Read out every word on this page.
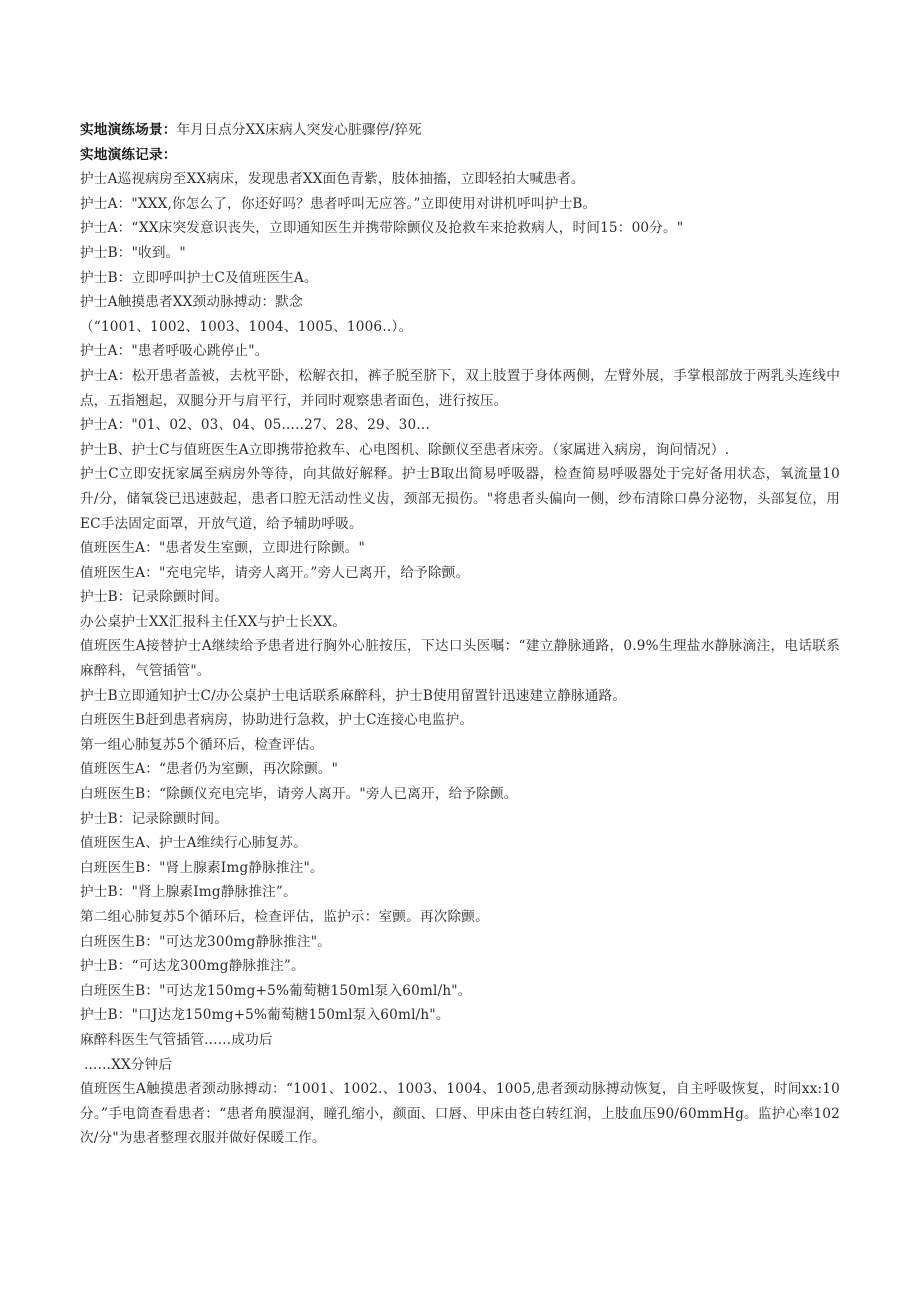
实地演练场景：年月日点分XX床病人突发心脏骤停/猝死

实地演练记录：

护士A巡视病房至XX病床，发现患者XX面色青紫，肢体抽搐，立即轻拍大喊患者。

护士A："XXX,你怎么了，你还好吗？患者呼叫无应答。”立即使用对讲机呼叫护士B。

护士A：“XX床突发意识丧失，立即通知医生并携带除颤仪及抢救车来抢救病人，时间15：00分。"

护士B："收到。"

护士B：立即呼叫护士C及值班医生A。

护士A触摸患者XX颈动脉搏动：默念

（“1001、1002、1003、1004、1005、1006‥）。

护士A："患者呼吸心跳停止"。

护士A：松开患者盖被，去枕平卧，松解衣扣，裤子脱至脐下，双上肢置于身体两侧，左臂外展，手掌根部放于两乳头连线中点，五指翘起，双腿分开与肩平行，并同时观察患者面色，进行按压。

护士A："01、02、03、04、05.....27、28、29、30‥.

护士B、护士C与值班医生A立即携带抢救车、心电图机、除颤仪至患者床旁。（家属进入病房，询问情况）.

护士C立即安抚家属至病房外等待，向其做好解释。护士B取出简易呼吸器，检查简易呼吸器处于完好备用状态，氧流量10升/分，储氧袋已迅速鼓起，患者口腔无活动性义齿，颈部无损伤。"将患者头偏向一侧，纱布清除口鼻分泌物，头部复位，用EC手法固定面罩，开放气道，给予辅助呼吸。

值班医生A："患者发生室颤，立即进行除颤。"

值班医生A："充电完毕，请旁人离开。”旁人已离开，给予除颤。

护士B：记录除颤时间。

办公桌护士XX汇报科主任XX与护士长XX。

值班医生A接替护士A继续给予患者进行胸外心脏按压，下达口头医嘱：“建立静脉通路，0.9%生理盐水静脉滴注，电话联系麻醉科，气管插管"。

护士B立即通知护士C/办公桌护士电话联系麻醉科，护士B使用留置针迅速建立静脉通路。

白班医生B赶到患者病房，协助进行急救，护士C连接心电监护。

第一组心肺复苏5个循环后，检查评估。

值班医生A：“患者仍为室颤，再次除颤。"

白班医生B：“除颤仪充电完毕，请旁人离开。"旁人已离开，给予除颤。

护士B：记录除颤时间。

值班医生A、护士A维续行心肺复苏。

白班医生B："肾上腺素Img静脉推注"。

护士B："肾上腺素Img静脉推注”。

第二组心肺复苏5个循环后，检查评估，监护示：室颤。再次除颤。

白班医生B："可达龙300mg静脉推注"。

护士B：“可达龙300mg静脉推注”。

白班医生B："可达龙150mg+5%葡萄糖150ml泵入60ml/h"。

护士B："口J达龙150mg+5%葡萄糖150ml泵入60ml/h"。

麻醉科医生气管插管......成功后

......XX分钟后

值班医生A触摸患者颈动脉搏动：“1001、1002.、1003、1004、1005,患者颈动脉搏动恢复，自主呼吸恢复，时间xx:10分。”手电筒查看患者：“患者角膜湿润，瞳孔缩小，颜面、口唇、甲床由苍白转红润，上肢血压90/60mmHg。监护心率102次/分"为患者整理衣服并做好保暖工作。
